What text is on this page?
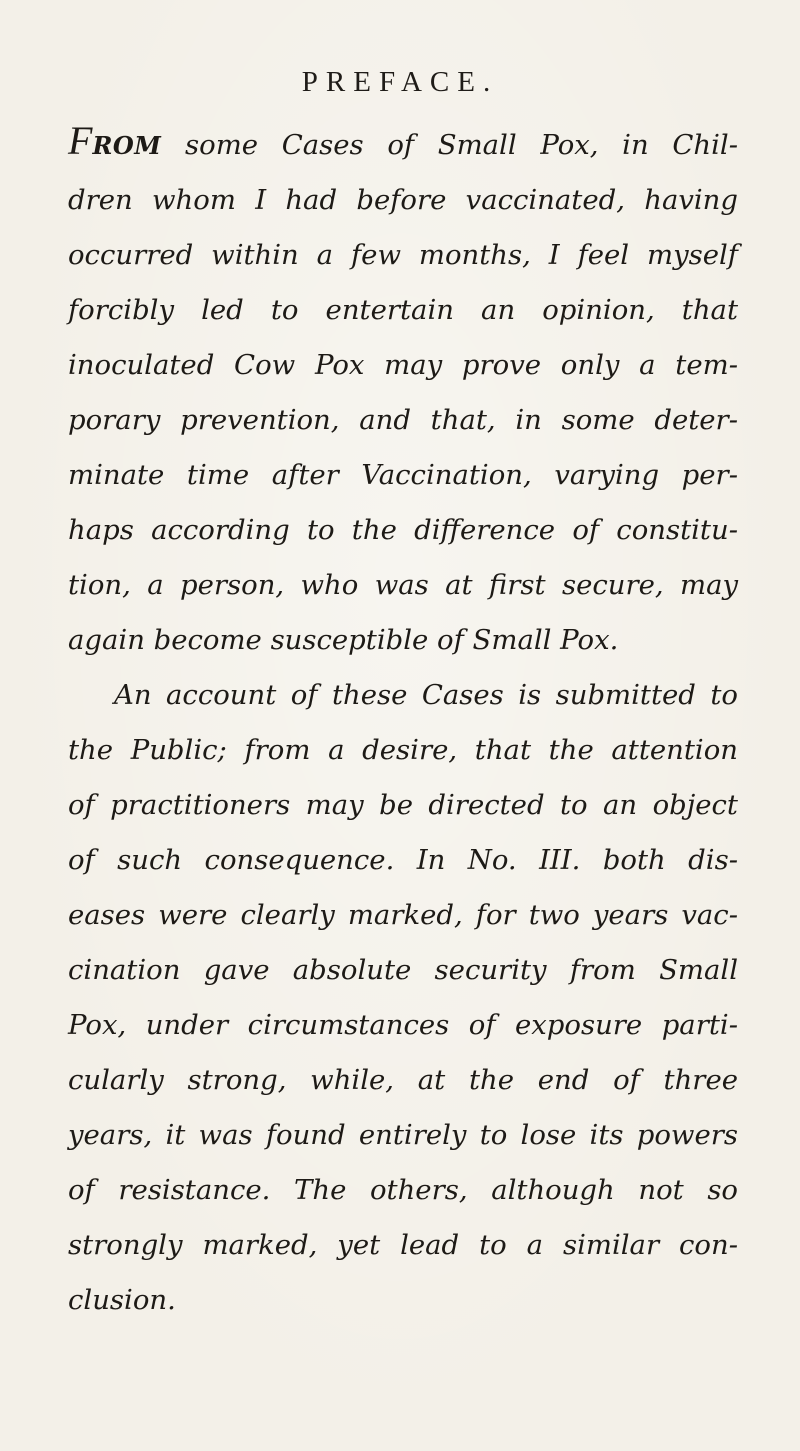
PREFACE.
FROM some Cases of Small Pox, in Chil-
dren whom I had before vaccinated, having
occurred within a few months, I feel myself
forcibly led to entertain an opinion, that
inoculated Cow Pox may prove only a tem-
porary prevention, and that, in some deter-
minate time after Vaccination, varying per-
haps according to the difference of constitu-
tion, a person, who was at first secure, may
again become susceptible of Small Pox.
An account of these Cases is submitted to
the Public; from a desire, that the attention
of practitioners may be directed to an object
of such consequence. In No. III. both dis-
eases were clearly marked, for two years vac-
cination gave absolute security from Small
Pox, under circumstances of exposure parti-
cularly strong, while, at the end of three
years, it was found entirely to lose its powers
of resistance. The others, although not so
strongly marked, yet lead to a similar con-
clusion.
